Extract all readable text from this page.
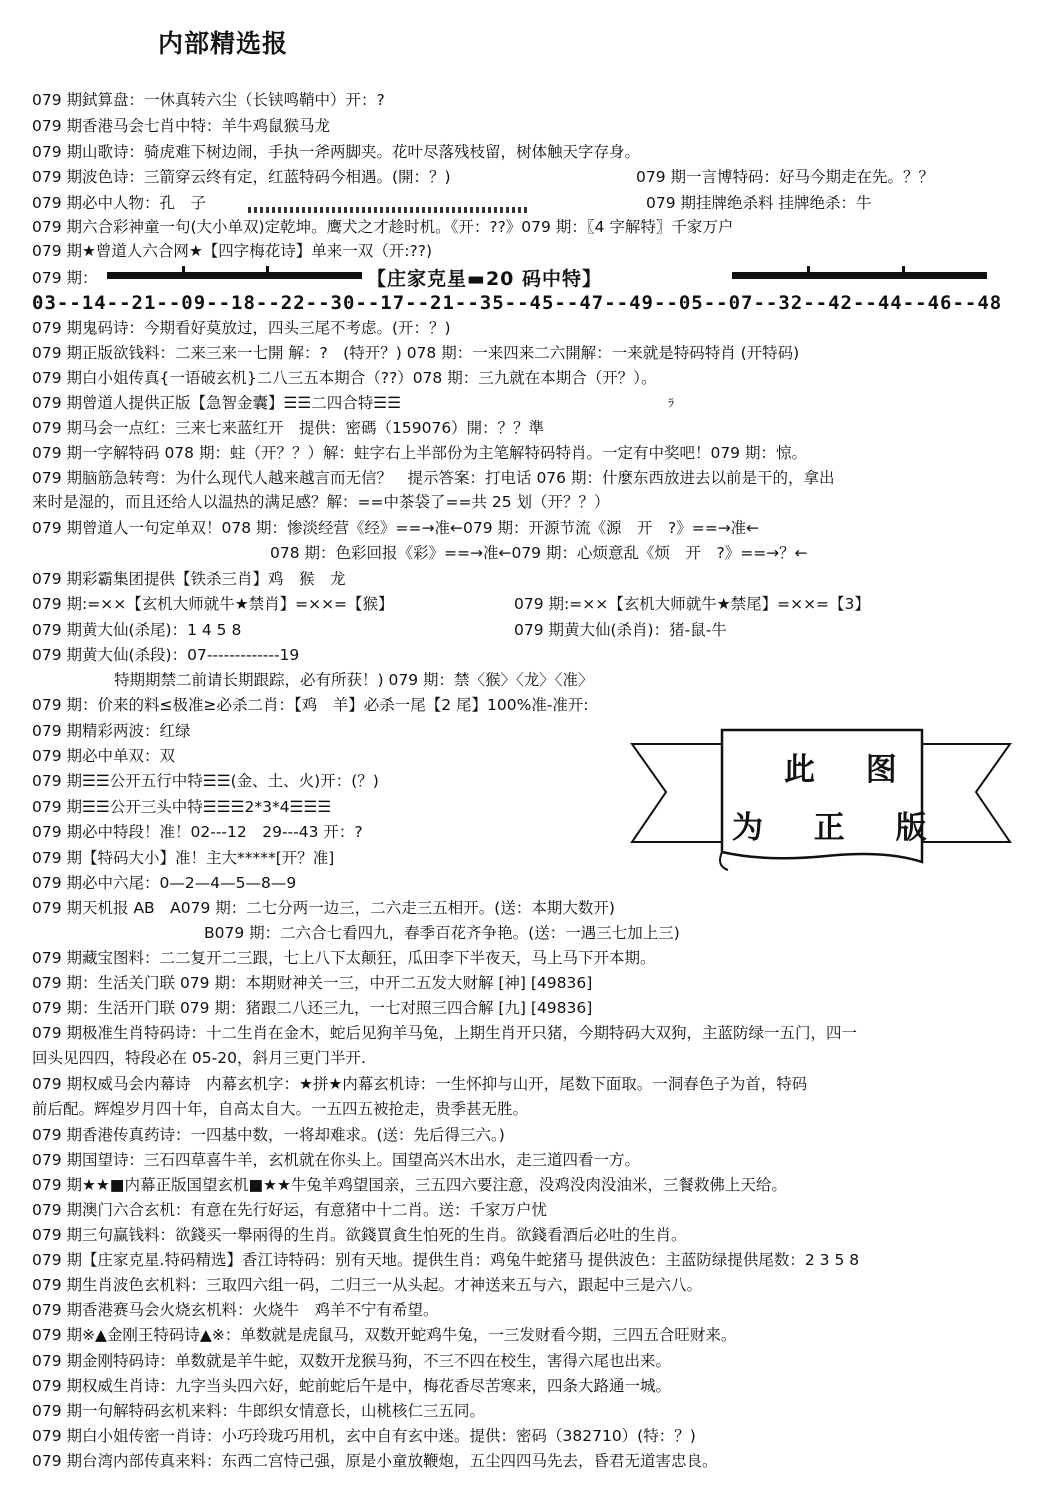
内部精选报
079 期鉽算盘：一休真转六尘（长铗鸣鞘中）开：?
079 期香港马会七肖中特：羊牛鸡鼠猴马龙
079 期山歌诗：骑虎难下树边闹，手执一斧两脚夹。花叶尽落残枝留，树体触天字存身。
079 期波色诗：三箭穿云终有定，红蓝特码今相遇。(開：？)	079 期一言博特码：好马今期走在先。？？
079 期必中人物：孔　子	079 期挂牌绝杀料 挂牌绝杀：牛
079 期六合彩神童一句(大小单双)定乾坤。鹰犬之才趁时机。《开：??》079 期：〖4 字解特〗千家万户
079 期★曾道人六合网★【四字梅花诗】单来一双（开:??)
079 期：	【庄家克星▬20 码中特】
03--14--21--09--18--22--30--17--21--35--45--47--49--05--07--32--42--44--46--48
079 期鬼码诗：今期看好莫放过，四头三尾不考虑。(开：？)
079 期正版欲钱料：二来三来一七開 解：?　(特开？) 078 期：一来四来二六開解：一来就是特码特肖 (开特码)
079 期白小姐传真{一语破玄机}二八三五本期合（??）078 期：三九就在本期合（开？）。
079 期曾道人提供正版【急智金囊】☰☰二四合特☰☰	ﾗ
079 期马会一点红：三来七来蓝红开　提供：密碼（159076）開：？？準
079 期一字解特码 078 期：蛀（开？？）解：蛀字右上半部份为主笔解特码特肖。一定有中奖吧！079 期：惊。
079 期脑筋急转弯：为什么现代人越来越言而无信？　提示答案：打电话 076 期：什麼东西放进去以前是干的，拿出
来时是湿的，而且还给人以温热的满足感？解：==中茶袋了==共 25 划（开？？）
079 期曾道人一句定单双！078 期：惨淡经营《经》==→准←079 期：开源节流《源　开　?》==→准←
078 期：色彩回报《彩》==→准←079 期：心烦意乱《烦　开　?》==→？←
079 期彩霸集团提供【铁杀三肖】鸡　猴　龙
079 期:=××【玄机大师就牛★禁肖】=××=【猴】	079 期:=××【玄机大师就牛★禁尾】=××=【3】
079 期黄大仙(杀尾)：1 4 5 8	079 期黄大仙(杀肖)：猪-鼠-牛
079 期黄大仙(杀段)：07-------------19
特期期禁二前请长期跟踪，必有所获！) 079 期：禁〈猴〉〈龙〉〈准〉
079 期：价来的料≤极准≥必杀二肖：【鸡　羊】必杀一尾【2 尾】100%准-准开:
079 期精彩两波：红绿
079 期必中单双：双
079 期☰☰公开五行中特☰☰(金、土、火)开：(？)
079 期☰☰公开三头中特☰☰☰2*3*4☰☰☰
079 期必中特段！准！02---12　29---43 开：?
079 期【特码大小】准！主大*****[开？准]
079 期必中六尾：0—2—4—5—8—9
079 期天机报 AB　A079 期：二七分两一边三，二六走三五相开。(送：本期大数开)
B079 期：二六合七看四九，春季百花齐争艳。(送：一遇三七加上三)
079 期藏宝图料：二二复开二三跟，七上八下太颠狂，瓜田李下半夜天，马上马下开本期。
079 期：生活关门联 079 期：本期财神关一三，中开二五发大财解 [神] [49836]
079 期：生活开门联 079 期：猪跟二八还三九，一七对照三四合解 [九] [49836]
079 期极准生肖特码诗：十二生肖在金木，蛇后见狗羊马兔，上期生肖开只猪，今期特码大双狗，主蓝防绿一五门，四一
回头见四四，特段必在 05-20，斜月三更门半开.
079 期权威马会内幕诗　内幕玄机字：★拼★内幕玄机诗：一生怀抑与山开，尾数下面取。一洞春色子为首，特码
前后配。辉煌岁月四十年，自高太自大。一五四五被抢走，贵季甚无胜。
079 期香港传真药诗：一四基中数，一将却难求。(送：先后得三六。)
079 期国望诗：三石四草喜牛羊，玄机就在你头上。国望高兴木出水，走三道四看一方。
079 期★★■内幕正版国望玄机■★★牛兔羊鸡望国亲，三五四六要注意，没鸡没肉没油米，三餐救佛上天给。
079 期澳门六合玄机：有意在先行好运，有意猪中十二肖。送：千家万户忧
079 期三句赢钱料：欲錢买一舉兩得的生肖。欲錢買貪生怕死的生肖。欲錢看酒后必吐的生肖。
079 期【庄家克星.特码精选】香江诗特码：别有天地。提供生肖：鸡兔牛蛇猪马 提供波色：主蓝防绿提供尾数：2 3 5 8
079 期生肖波色玄机料：三取四六组一码，二归三一从头起。才神送来五与六，跟起中三是六八。
079 期香港赛马会火烧玄机料：火烧牛　鸡羊不宁有希望。
079 期※▲金刚王特码诗▲※：单数就是虎鼠马，双数开蛇鸡牛兔，一三发财看今期，三四五合旺财来。
079 期金刚特码诗：单数就是羊牛蛇，双数开龙猴马狗，不三不四在校生，害得六尾也出来。
079 期权威生肖诗：九字当头四六好，蛇前蛇后午是中，梅花香尽苦寒来，四条大路通一城。
079 期一句解特码玄机来料：牛郎织女情意长，山桃核仁三五同。
079 期白小姐传密一肖诗：小巧玲珑巧用机，玄中自有玄中迷。提供：密码（382710）(特：？)
079 期台湾内部传真来料：东西二宫恃己强，原是小童放鞭炮，五尘四四马先去，昏君无道害忠良。
此 图
为 正 版
